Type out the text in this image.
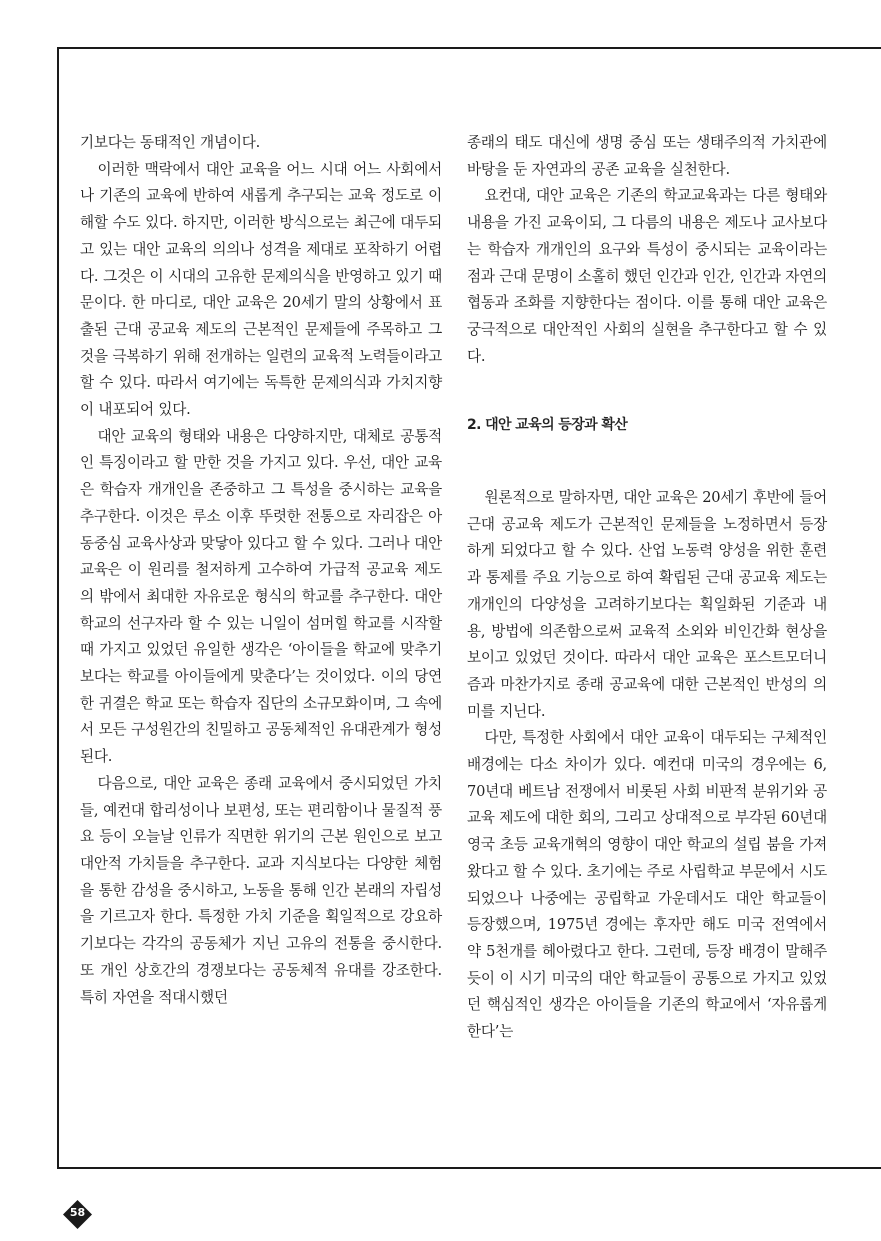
기보다는 동태적인 개념이다.

이러한 맥락에서 대안 교육을 어느 시대 어느 사회에서나 기존의 교육에 반하여 새롭게 추구되는 교육 정도로 이해할 수도 있다. 하지만, 이러한 방식으로는 최근에 대두되고 있는 대안 교육의 의의나 성격을 제대로 포착하기 어렵다. 그것은 이 시대의 고유한 문제의식을 반영하고 있기 때문이다. 한 마디로, 대안 교육은 20세기 말의 상황에서 표출된 근대 공교육 제도의 근본적인 문제들에 주목하고 그것을 극복하기 위해 전개하는 일련의 교육적 노력들이라고 할 수 있다. 따라서 여기에는 독특한 문제의식과 가치지향이 내포되어 있다.

대안 교육의 형태와 내용은 다양하지만, 대체로 공통적인 특징이라고 할 만한 것을 가지고 있다. 우선, 대안 교육은 학습자 개개인을 존중하고 그 특성을 중시하는 교육을 추구한다. 이것은 루소 이후 뚜렷한 전통으로 자리잡은 아동중심 교육사상과 맞닿아 있다고 할 수 있다. 그러나 대안 교육은 이 원리를 철저하게 고수하여 가급적 공교육 제도의 밖에서 최대한 자유로운 형식의 학교를 추구한다. 대안 학교의 선구자라 할 수 있는 니일이 섬머힐 학교를 시작할 때 가지고 있었던 유일한 생각은 ‘아이들을 학교에 맞추기보다는 학교를 아이들에게 맞춘다’는 것이었다. 이의 당연한 귀결은 학교 또는 학습자 집단의 소규모화이며, 그 속에서 모든 구성원간의 친밀하고 공동체적인 유대관계가 형성된다.

다음으로, 대안 교육은 종래 교육에서 중시되었던 가치들, 예컨대 합리성이나 보편성, 또는 편리함이나 물질적 풍요 등이 오늘날 인류가 직면한 위기의 근본 원인으로 보고 대안적 가치들을 추구한다. 교과 지식보다는 다양한 체험을 통한 감성을 중시하고, 노동을 통해 인간 본래의 자립성을 기르고자 한다. 특정한 가치 기준을 획일적으로 강요하기보다는 각각의 공동체가 지닌 고유의 전통을 중시한다. 또 개인 상호간의 경쟁보다는 공동체적 유대를 강조한다. 특히 자연을 적대시했던

종래의 태도 대신에 생명 중심 또는 생태주의적 가치관에 바탕을 둔 자연과의 공존 교육을 실천한다.

요컨대, 대안 교육은 기존의 학교교육과는 다른 형태와 내용을 가진 교육이되, 그 다름의 내용은 제도나 교사보다는 학습자 개개인의 요구와 특성이 중시되는 교육이라는 점과 근대 문명이 소홀히 했던 인간과 인간, 인간과 자연의 협동과 조화를 지향한다는 점이다. 이를 통해 대안 교육은 궁극적으로 대안적인 사회의 실현을 추구한다고 할 수 있다.

2. 대안 교육의 등장과 확산

원론적으로 말하자면, 대안 교육은 20세기 후반에 들어 근대 공교육 제도가 근본적인 문제들을 노정하면서 등장하게 되었다고 할 수 있다. 산업 노동력 양성을 위한 훈련과 통제를 주요 기능으로 하여 확립된 근대 공교육 제도는 개개인의 다양성을 고려하기보다는 획일화된 기준과 내용, 방법에 의존함으로써 교육적 소외와 비인간화 현상을 보이고 있었던 것이다. 따라서 대안 교육은 포스트모더니즘과 마찬가지로 종래 공교육에 대한 근본적인 반성의 의미를 지닌다.

다만, 특정한 사회에서 대안 교육이 대두되는 구체적인 배경에는 다소 차이가 있다. 예컨대 미국의 경우에는 6, 70년대 베트남 전쟁에서 비롯된 사회 비판적 분위기와 공교육 제도에 대한 회의, 그리고 상대적으로 부각된 60년대 영국 초등 교육개혁의 영향이 대안 학교의 설립 붐을 가져왔다고 할 수 있다. 초기에는 주로 사립학교 부문에서 시도되었으나 나중에는 공립학교 가운데서도 대안 학교들이 등장했으며, 1975년 경에는 후자만 해도 미국 전역에서 약 5천개를 헤아렸다고 한다. 그런데, 등장 배경이 말해주듯이 이 시기 미국의 대안 학교들이 공통으로 가지고 있었던 핵심적인 생각은 아이들을 기존의 학교에서 ‘자유롭게 한다’는

58
